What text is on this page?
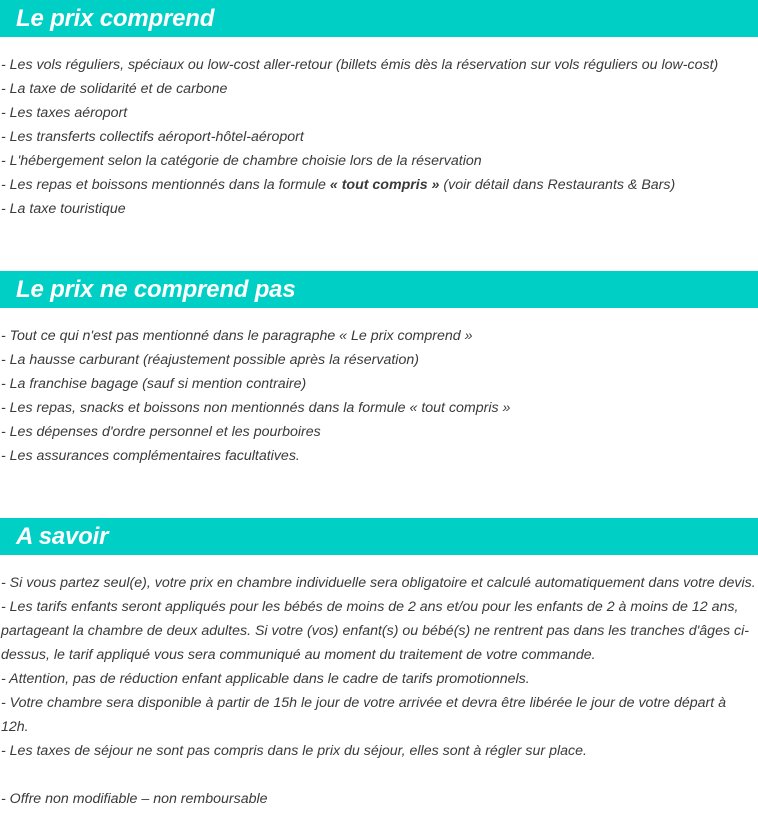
Le prix comprend
- Les vols réguliers, spéciaux ou low-cost aller-retour (billets émis dès la réservation sur vols réguliers ou low-cost)
- La taxe de solidarité et de carbone
- Les taxes aéroport
- Les transferts collectifs aéroport-hôtel-aéroport
- L'hébergement selon la catégorie de chambre choisie lors de la réservation
- Les repas et boissons mentionnés dans la formule « tout compris » (voir détail dans Restaurants & Bars)
- La taxe touristique
Le prix ne comprend pas
- Tout ce qui n'est pas mentionné dans le paragraphe « Le prix comprend »
- La hausse carburant (réajustement possible après la réservation)
- La franchise bagage (sauf si mention contraire)
- Les repas, snacks et boissons non mentionnés dans la formule « tout compris »
- Les dépenses d'ordre personnel et les pourboires
- Les assurances complémentaires facultatives.
A savoir
- Si vous partez seul(e), votre prix en chambre individuelle sera obligatoire et calculé automatiquement dans votre devis.
- Les tarifs enfants seront appliqués pour les bébés de moins de 2 ans et/ou pour les enfants de 2 à moins de 12 ans,
partageant la chambre de deux adultes. Si votre (vos) enfant(s) ou bébé(s) ne rentrent pas dans les tranches d'âges ci-
dessus, le tarif appliqué vous sera communiqué au moment du traitement de votre commande.
- Attention, pas de réduction enfant applicable dans le cadre de tarifs promotionnels.
- Votre chambre sera disponible à partir de 15h le jour de votre arrivée et devra être libérée le jour de votre départ à
12h.
- Les taxes de séjour ne sont pas compris dans le prix du séjour, elles sont à régler sur place.
- Offre non modifiable – non remboursable
